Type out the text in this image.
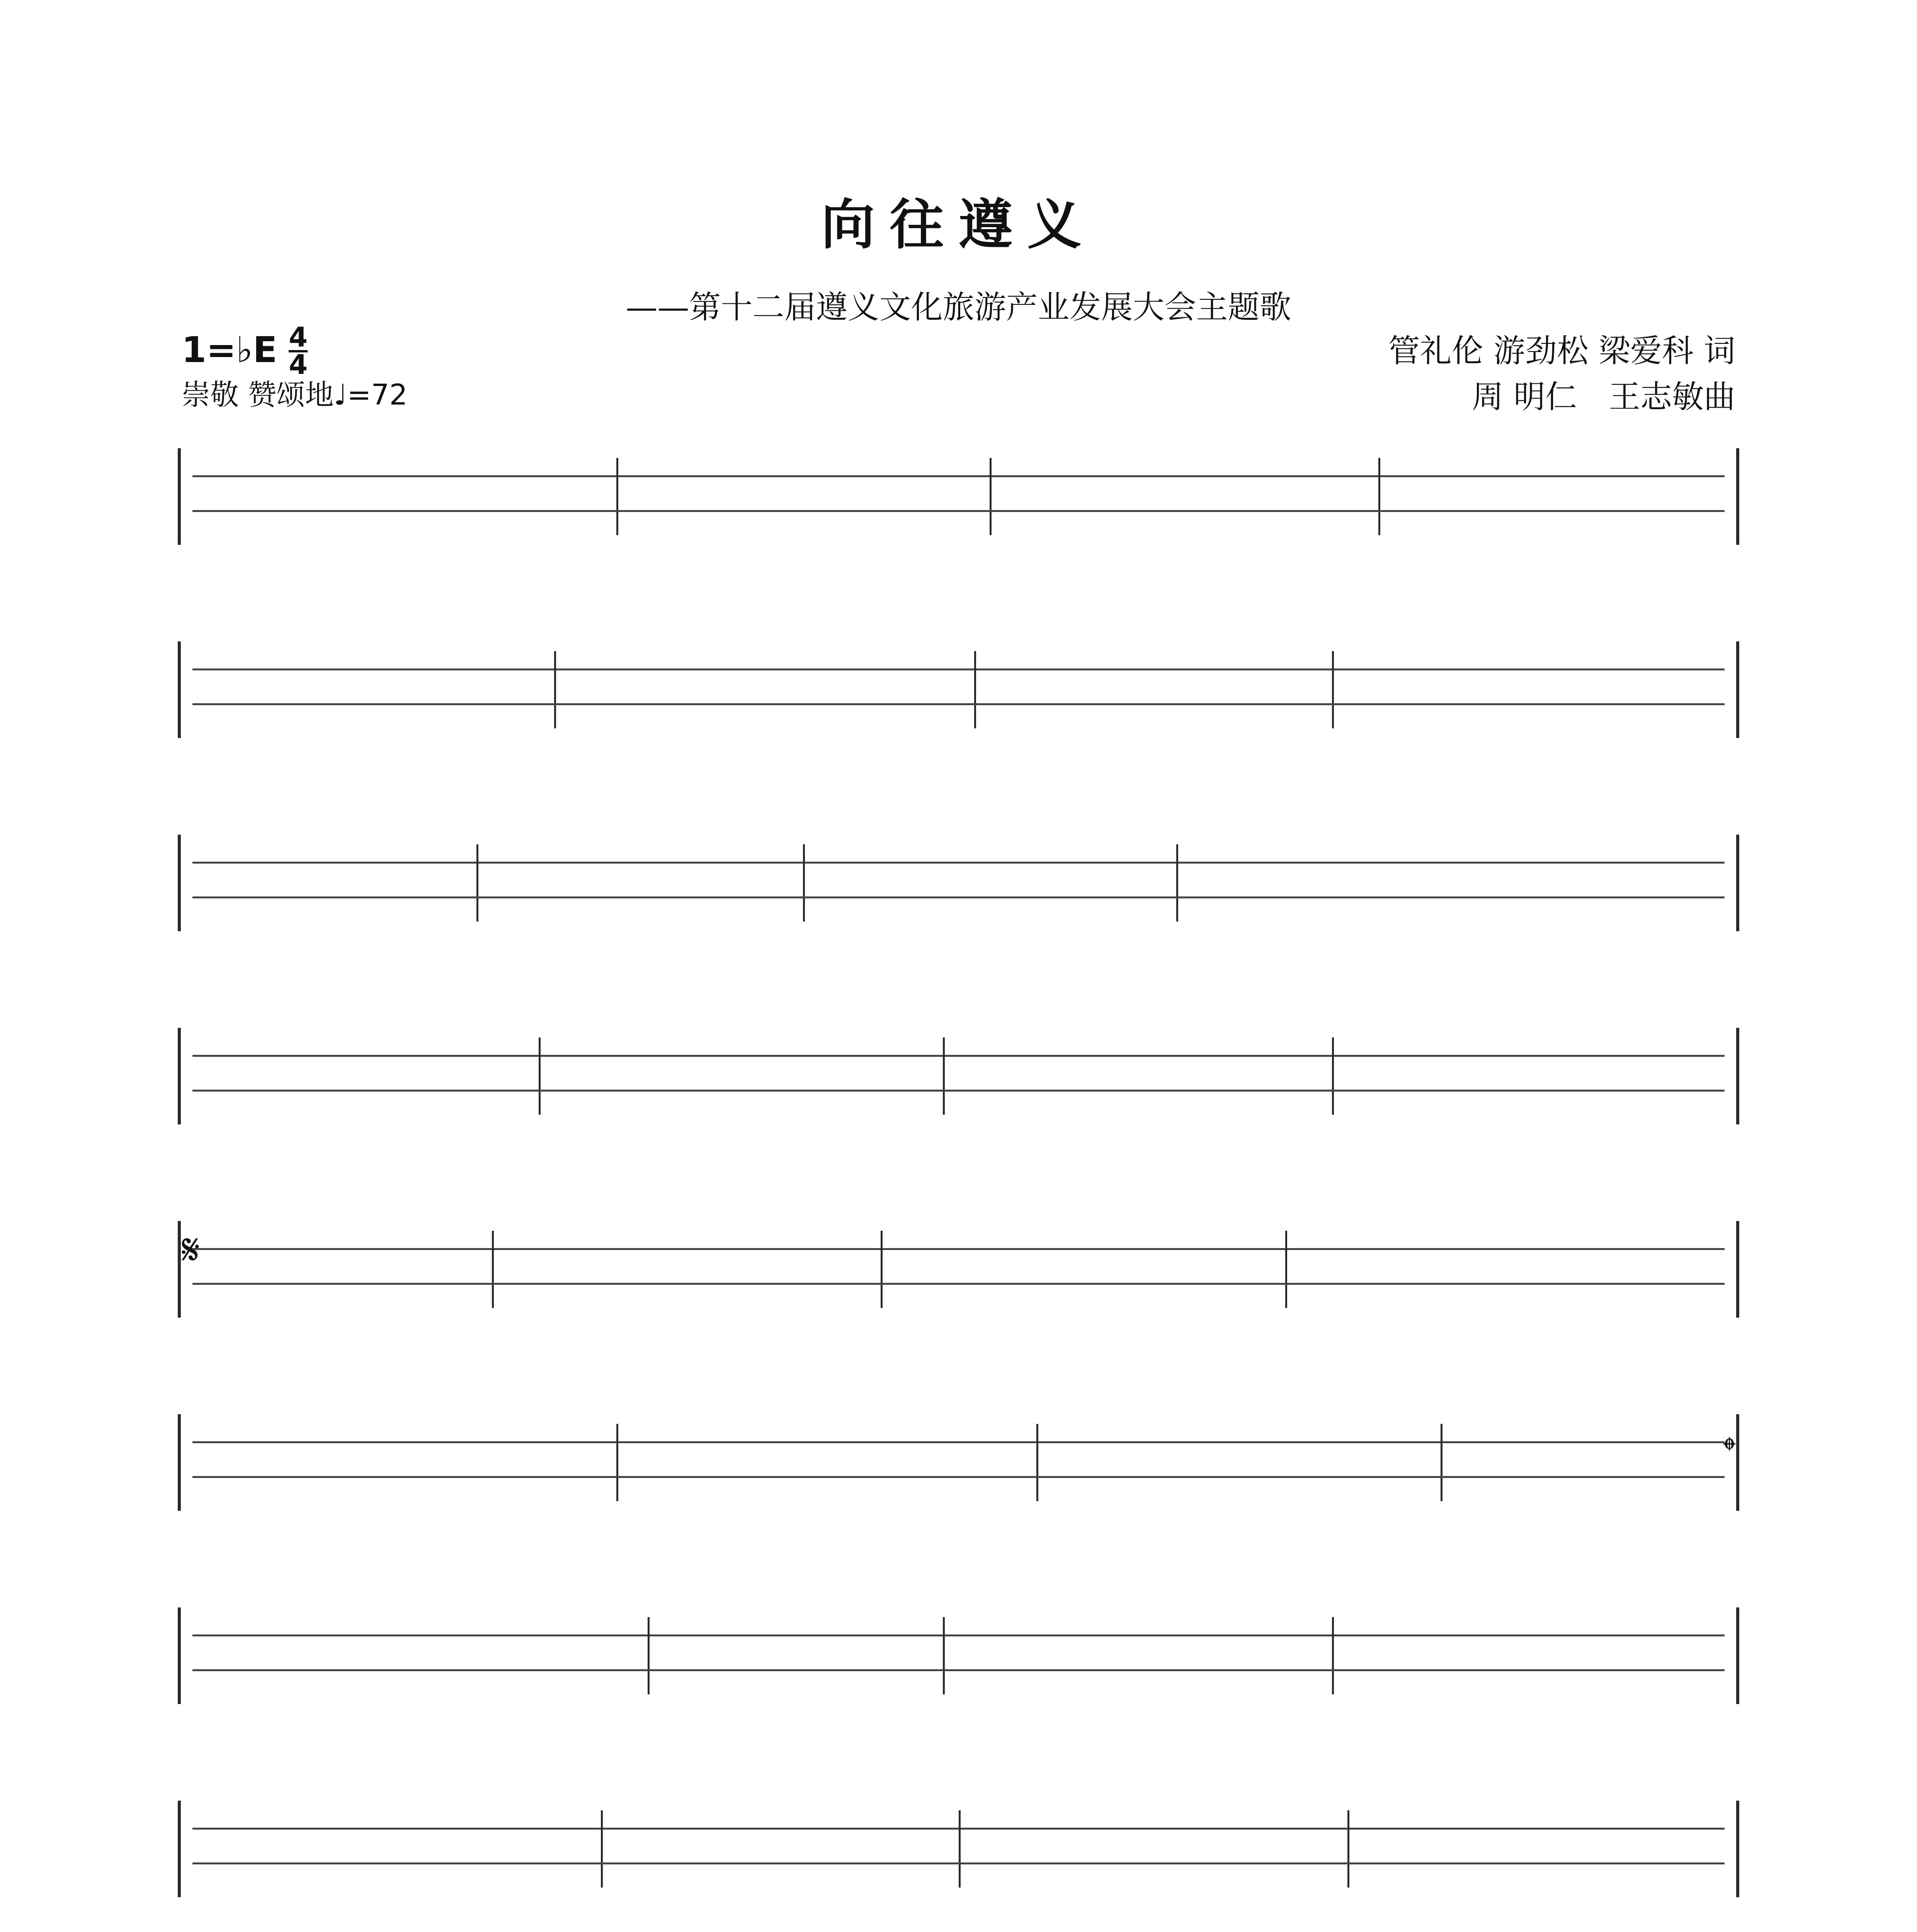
向往遵义
——第十二届遵义文化旅游产业发展大会主题歌
1=♭E 4
4
崇敬 赞颂地♩=72
管礼伦 游劲松 梁爱科 词
周 明仁　王志敏曲
𝄋
𝄌
